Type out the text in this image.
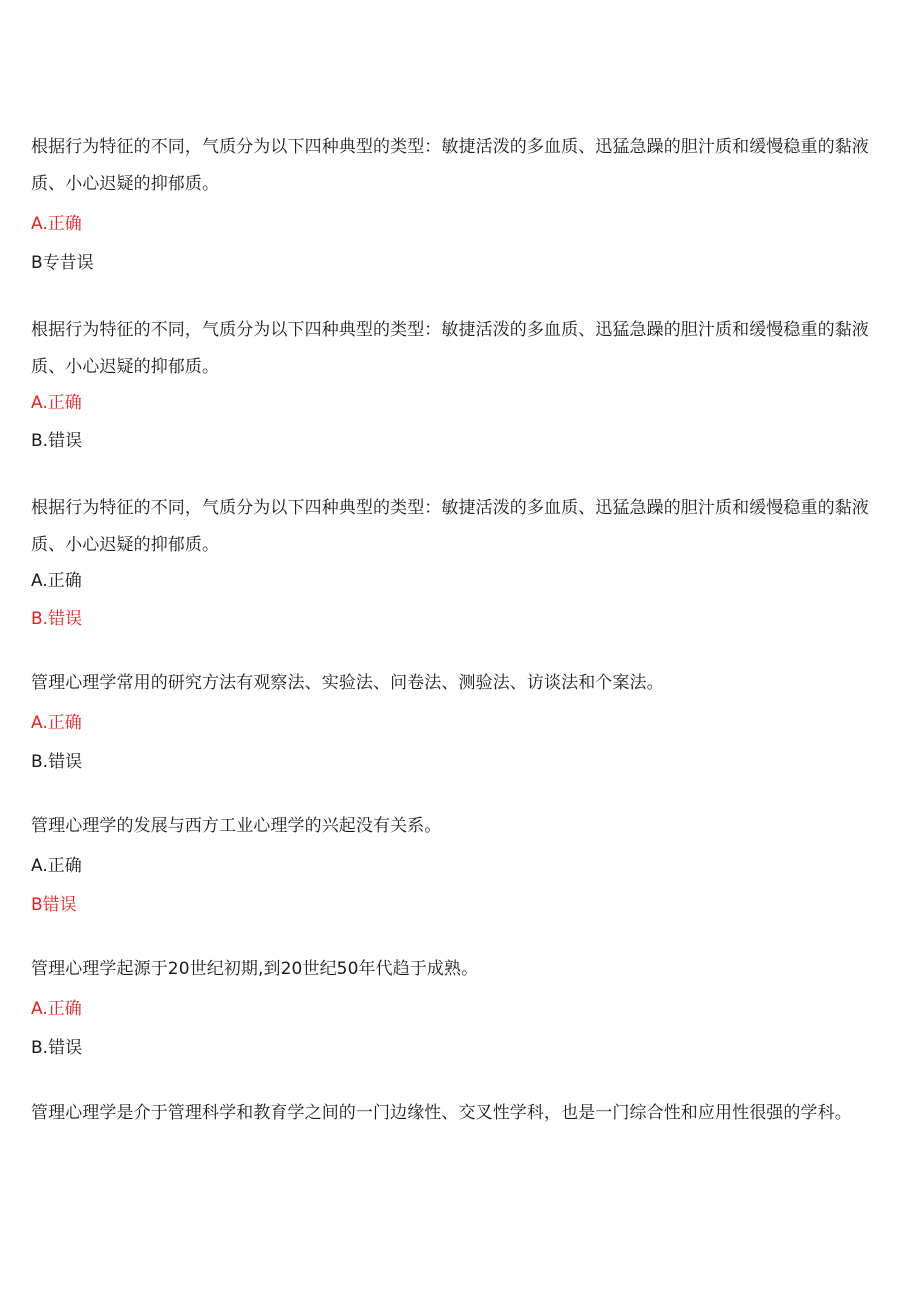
根据行为特征的不同，气质分为以下四种典型的类型：敏捷活泼的多血质、迅猛急躁的胆汁质和缓慢稳重的黏液
质、小心迟疑的抑郁质。
A.正确
B专昔误
根据行为特征的不同，气质分为以下四种典型的类型：敏捷活泼的多血质、迅猛急躁的胆汁质和缓慢稳重的黏液
质、小心迟疑的抑郁质。
A.正确
B.错误
根据行为特征的不同，气质分为以下四种典型的类型：敏捷活泼的多血质、迅猛急躁的胆汁质和缓慢稳重的黏液
质、小心迟疑的抑郁质。
A.正确
B.错误
管理心理学常用的研究方法有观察法、实验法、问卷法、测验法、访谈法和个案法。
A.正确
B.错误
管理心理学的发展与西方工业心理学的兴起没有关系。
A.正确
B错误
管理心理学起源于20世纪初期,到20世纪50年代趋于成熟。
A.正确
B.错误
管理心理学是介于管理科学和教育学之间的一门边缘性、交叉性学科，也是一门综合性和应用性很强的学科。
